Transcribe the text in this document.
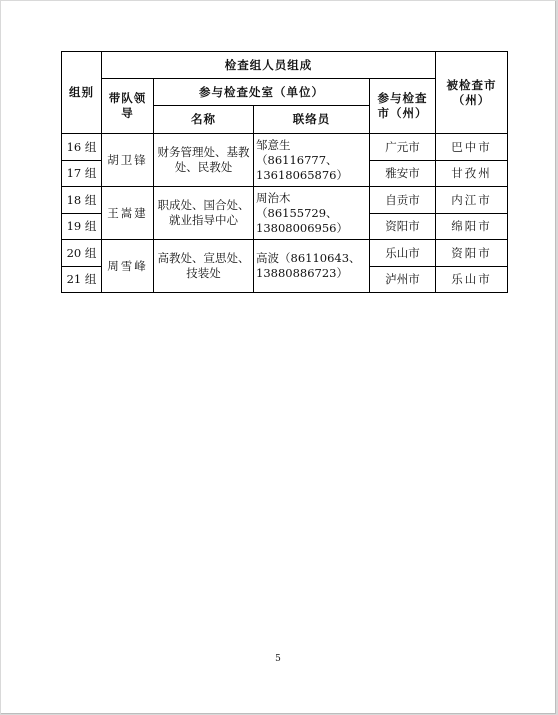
组别	检查组人员组成				被检查市（州）
	带队领导	参与检查处室（单位）		参与检查市（州）	
		名称	联络员		
16 组	胡卫锋	财务管理处、基教处、民教处	邹意生（86116777、13618065876）	广元市	巴中市
17 组				雅安市	甘孜州
18 组	王嵩建	职成处、国合处、就业指导中心	周治木（86155729、13808006956）	自贡市	内江市
19 组				资阳市	绵阳市
20 组	周雪峰	高教处、宣思处、技装处	高波（86110643、13880886723）	乐山市	资阳市
21 组				泸州市	乐山市
5
